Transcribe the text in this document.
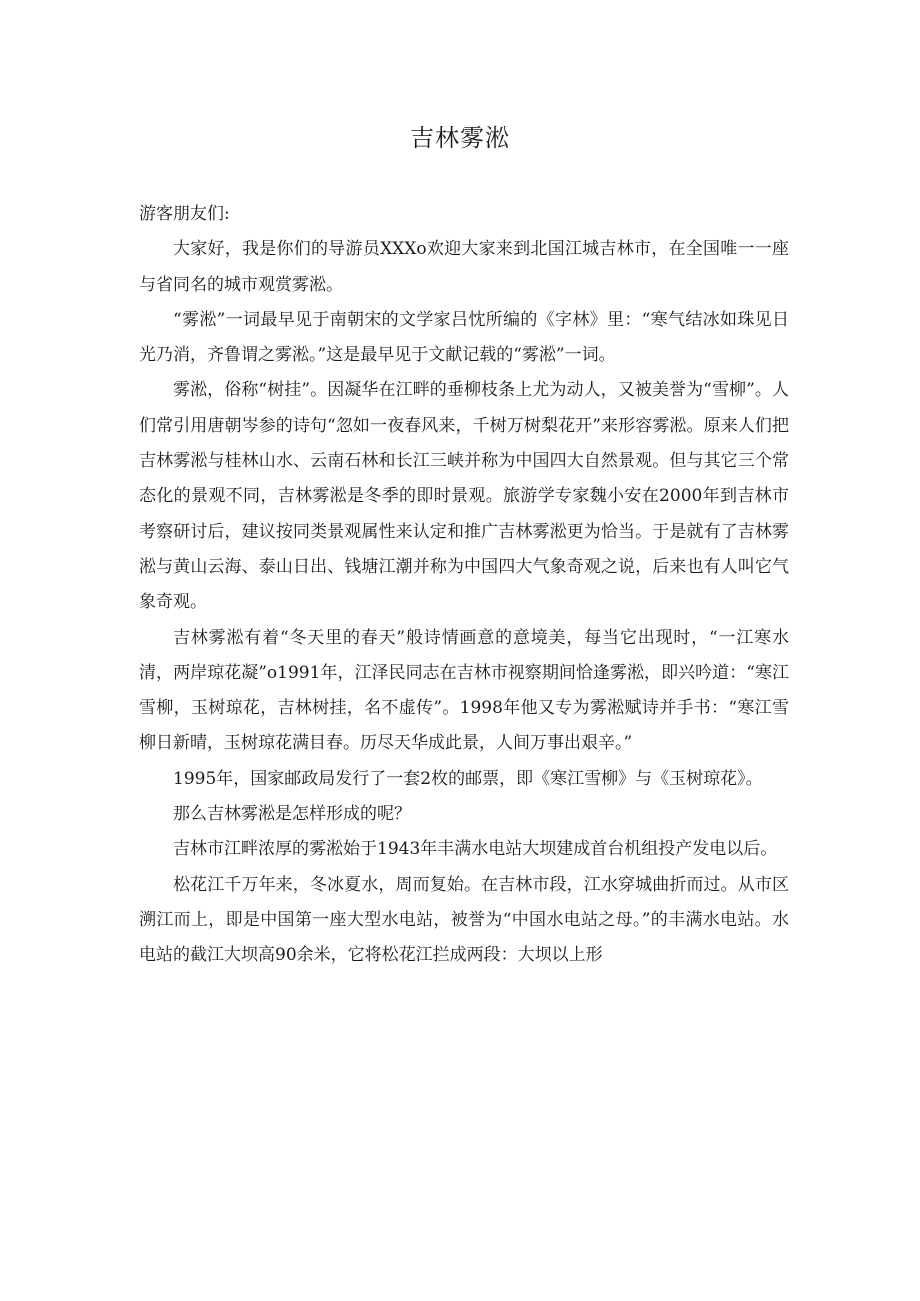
吉林雾淞

游客朋友们:

大家好，我是你们的导游员XXXo欢迎大家来到北国江城吉林市，在全国唯一一座与省同名的城市观赏雾淞。

“雾淞”一词最早见于南朝宋的文学家吕忱所编的《字林》里：“寒气结冰如珠见日光乃消，齐鲁谓之雾淞。”这是最早见于文献记载的“雾淞”一词。

雾淞，俗称“树挂”。因凝华在江畔的垂柳枝条上尤为动人，又被美誉为“雪柳”。人们常引用唐朝岑参的诗句“忽如一夜春风来，千树万树梨花开”来形容雾淞。原来人们把吉林雾淞与桂林山水、云南石林和长江三峡并称为中国四大自然景观。但与其它三个常态化的景观不同，吉林雾淞是冬季的即时景观。旅游学专家魏小安在2000年到吉林市考察研讨后，建议按同类景观属性来认定和推广吉林雾淞更为恰当。于是就有了吉林雾淞与黄山云海、泰山日出、钱塘江潮并称为中国四大气象奇观之说，后来也有人叫它气象奇观。

吉林雾淞有着“冬天里的春天”般诗情画意的意境美，每当它出现时，“一江寒水清，两岸琼花凝”o1991年，江泽民同志在吉林市视察期间恰逢雾淞，即兴吟道：“寒江雪柳，玉树琼花，吉林树挂，名不虚传”。1998年他又专为雾淞赋诗并手书：“寒江雪柳日新晴，玉树琼花满目春。历尽天华成此景，人间万事出艰辛。”

1995年，国家邮政局发行了一套2枚的邮票，即《寒江雪柳》与《玉树琼花》。

那么吉林雾淞是怎样形成的呢？

吉林市江畔浓厚的雾淞始于1943年丰满水电站大坝建成首台机组投产发电以后。

松花江千万年来，冬冰夏水，周而复始。在吉林市段，江水穿城曲折而过。从市区溯江而上，即是中国第一座大型水电站，被誉为“中国水电站之母。”的丰满水电站。水电站的截江大坝高90余米，它将松花江拦成两段：大坝以上形
